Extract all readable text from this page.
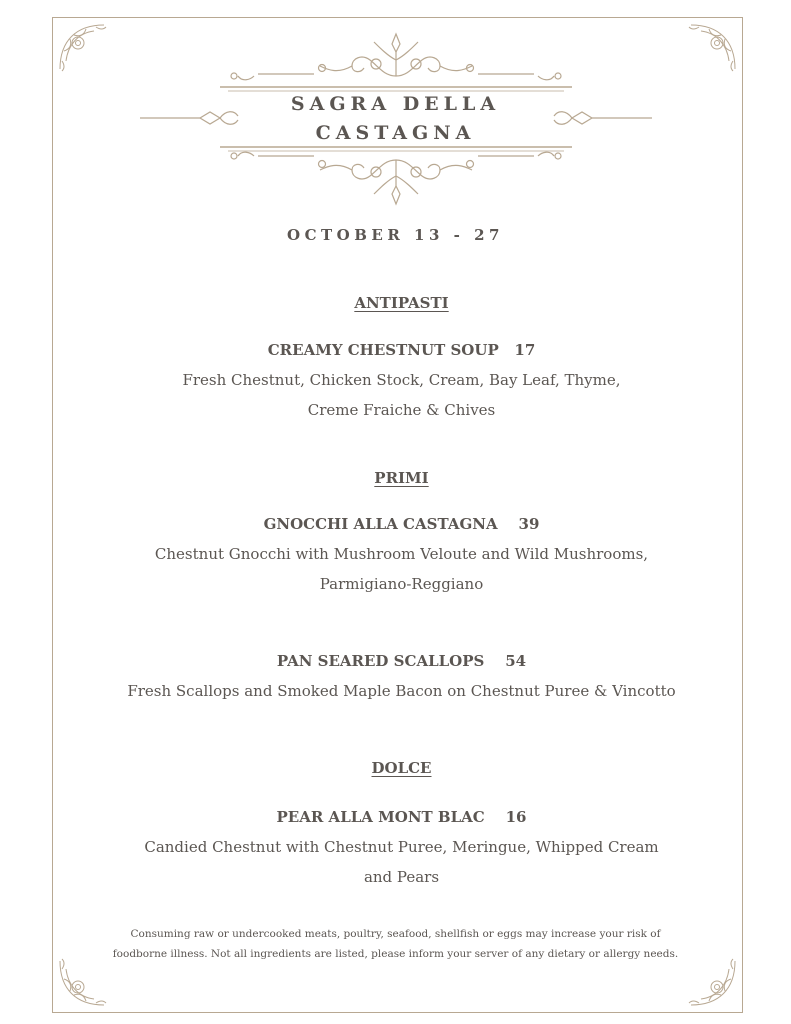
SAGRA DELLA
CASTAGNA
OCTOBER 13 - 27
ANTIPASTI
CREAMY CHESTNUT SOUP 17
Fresh Chestnut, Chicken Stock, Cream, Bay Leaf, Thyme,
Creme Fraiche & Chives
PRIMI
GNOCCHI ALLA CASTAGNA 39
Chestnut Gnocchi with Mushroom Veloute and Wild Mushrooms,
Parmigiano-Reggiano
PAN SEARED SCALLOPS 54
Fresh Scallops and Smoked Maple Bacon on Chestnut Puree & Vincotto
DOLCE
PEAR ALLA MONT BLAC 16
Candied Chestnut with Chestnut Puree, Meringue, Whipped Cream
and Pears
Consuming raw or undercooked meats, poultry, seafood, shellfish or eggs may increase your risk of
foodborne illness. Not all ingredients are listed, please inform your server of any dietary or allergy needs.
